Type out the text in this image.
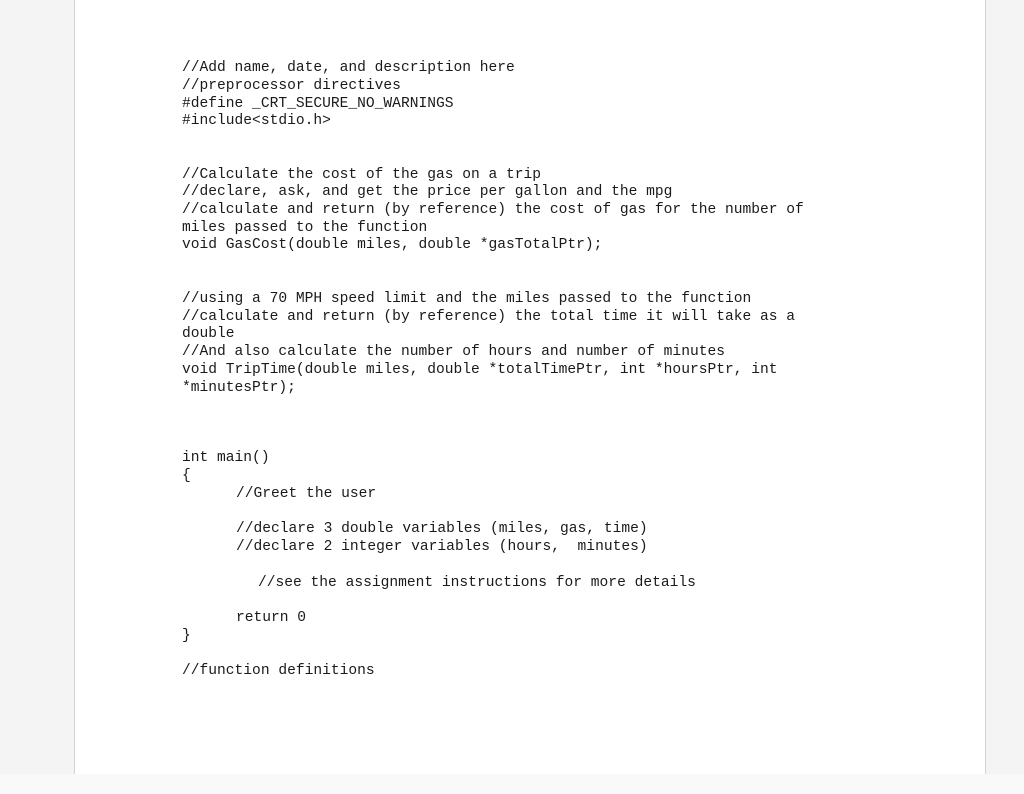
//Add name, date, and description here
//preprocessor directives
#define _CRT_SECURE_NO_WARNINGS
#include<stdio.h>
//Calculate the cost of the gas on a trip
//declare, ask, and get the price per gallon and the mpg
//calculate and return (by reference) the cost of gas for the number of
miles passed to the function
void GasCost(double miles, double *gasTotalPtr);
//using a 70 MPH speed limit and the miles passed to the function
//calculate and return (by reference) the total time it will take as a
double
//And also calculate the number of hours and number of minutes
void TripTime(double miles, double *totalTimePtr, int *hoursPtr, int
*minutesPtr);
int main()
{
//Greet the user
//declare 3 double variables (miles, gas, time)
//declare 2 integer variables (hours,  minutes)
//see the assignment instructions for more details
return 0
}
//function definitions
